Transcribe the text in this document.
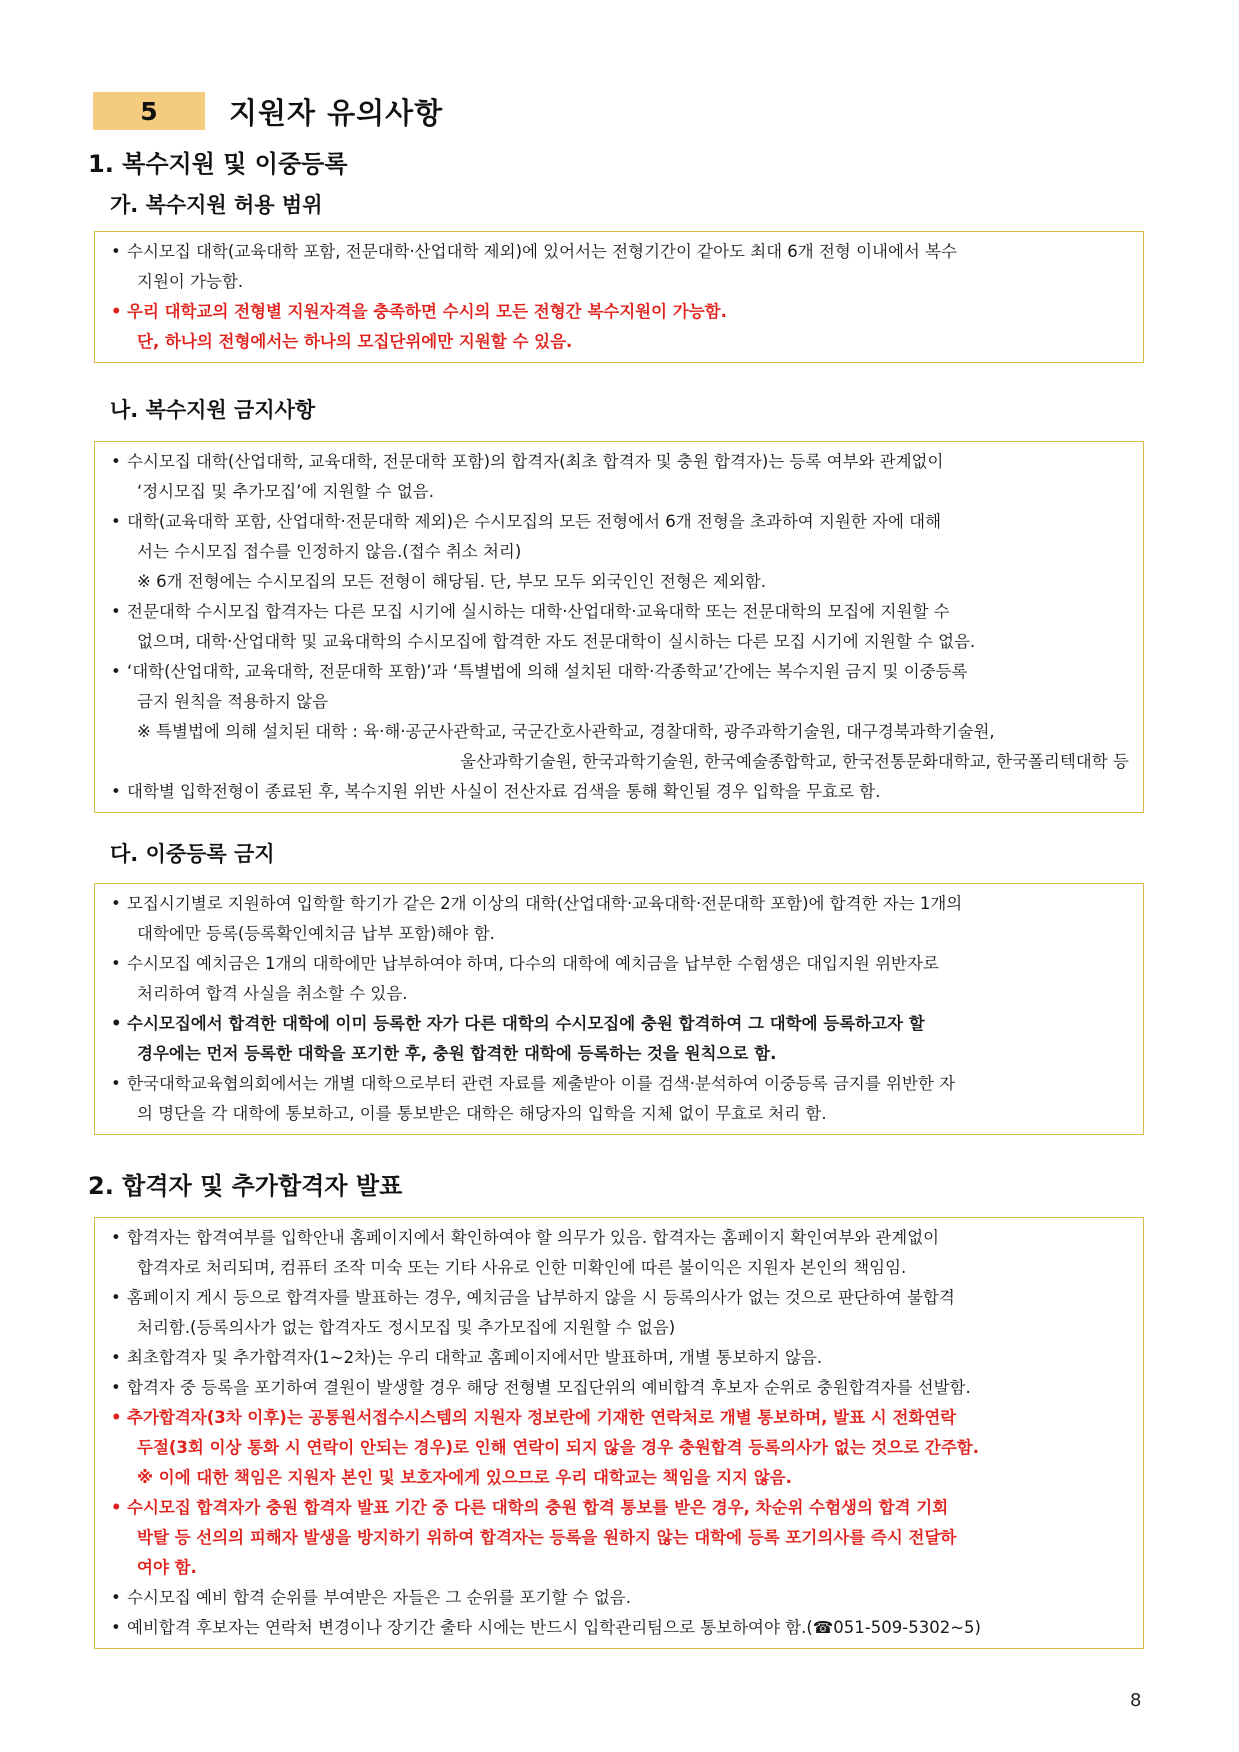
5	지원자 유의사항
1. 복수지원 및 이중등록
가. 복수지원 허용 범위
• 수시모집 대학(교육대학 포함, 전문대학·산업대학 제외)에 있어서는 전형기간이 같아도 최대 6개 전형 이내에서 복수
지원이 가능함.
• 우리 대학교의 전형별 지원자격을 충족하면 수시의 모든 전형간 복수지원이 가능함.
단, 하나의 전형에서는 하나의 모집단위에만 지원할 수 있음.
나. 복수지원 금지사항
• 수시모집 대학(산업대학, 교육대학, 전문대학 포함)의 합격자(최초 합격자 및 충원 합격자)는 등록 여부와 관계없이
‘정시모집 및 추가모집’에 지원할 수 없음.
• 대학(교육대학 포함, 산업대학·전문대학 제외)은 수시모집의 모든 전형에서 6개 전형을 초과하여 지원한 자에 대해
서는 수시모집 접수를 인정하지 않음.(접수 취소 처리)
※ 6개 전형에는 수시모집의 모든 전형이 해당됨. 단, 부모 모두 외국인인 전형은 제외함.
• 전문대학 수시모집 합격자는 다른 모집 시기에 실시하는 대학·산업대학·교육대학 또는 전문대학의 모집에 지원할 수
없으며, 대학·산업대학 및 교육대학의 수시모집에 합격한 자도 전문대학이 실시하는 다른 모집 시기에 지원할 수 없음.
• ‘대학(산업대학, 교육대학, 전문대학 포함)’과 ‘특별법에 의해 설치된 대학·각종학교’간에는 복수지원 금지 및 이중등록
금지 원칙을 적용하지 않음
※ 특별법에 의해 설치된 대학 : 육·해·공군사관학교, 국군간호사관학교, 경찰대학, 광주과학기술원, 대구경북과학기술원,
울산과학기술원, 한국과학기술원, 한국예술종합학교, 한국전통문화대학교, 한국폴리텍대학 등
• 대학별 입학전형이 종료된 후, 복수지원 위반 사실이 전산자료 검색을 통해 확인될 경우 입학을 무효로 함.
다. 이중등록 금지
• 모집시기별로 지원하여 입학할 학기가 같은 2개 이상의 대학(산업대학·교육대학·전문대학 포함)에 합격한 자는 1개의
대학에만 등록(등록확인예치금 납부 포함)해야 함.
• 수시모집 예치금은 1개의 대학에만 납부하여야 하며, 다수의 대학에 예치금을 납부한 수험생은 대입지원 위반자로
처리하여 합격 사실을 취소할 수 있음.
• 수시모집에서 합격한 대학에 이미 등록한 자가 다른 대학의 수시모집에 충원 합격하여 그 대학에 등록하고자 할
경우에는 먼저 등록한 대학을 포기한 후, 충원 합격한 대학에 등록하는 것을 원칙으로 함.
• 한국대학교육협의회에서는 개별 대학으로부터 관련 자료를 제출받아 이를 검색·분석하여 이중등록 금지를 위반한 자
의 명단을 각 대학에 통보하고, 이를 통보받은 대학은 해당자의 입학을 지체 없이 무효로 처리 함.
2. 합격자 및 추가합격자 발표
• 합격자는 합격여부를 입학안내 홈페이지에서 확인하여야 할 의무가 있음. 합격자는 홈페이지 확인여부와 관계없이
합격자로 처리되며, 컴퓨터 조작 미숙 또는 기타 사유로 인한 미확인에 따른 불이익은 지원자 본인의 책임임.
• 홈페이지 게시 등으로 합격자를 발표하는 경우, 예치금을 납부하지 않을 시 등록의사가 없는 것으로 판단하여 불합격
처리함.(등록의사가 없는 합격자도 정시모집 및 추가모집에 지원할 수 없음)
• 최초합격자 및 추가합격자(1~2차)는 우리 대학교 홈페이지에서만 발표하며, 개별 통보하지 않음.
• 합격자 중 등록을 포기하여 결원이 발생할 경우 해당 전형별 모집단위의 예비합격 후보자 순위로 충원합격자를 선발함.
• 추가합격자(3차 이후)는 공통원서접수시스템의 지원자 정보란에 기재한 연락처로 개별 통보하며, 발표 시 전화연락
두절(3회 이상 통화 시 연락이 안되는 경우)로 인해 연락이 되지 않을 경우 충원합격 등록의사가 없는 것으로 간주함.
※ 이에 대한 책임은 지원자 본인 및 보호자에게 있으므로 우리 대학교는 책임을 지지 않음.
• 수시모집 합격자가 충원 합격자 발표 기간 중 다른 대학의 충원 합격 통보를 받은 경우, 차순위 수험생의 합격 기회
박탈 등 선의의 피해자 발생을 방지하기 위하여 합격자는 등록을 원하지 않는 대학에 등록 포기의사를 즉시 전달하
여야 함.
• 수시모집 예비 합격 순위를 부여받은 자들은 그 순위를 포기할 수 없음.
• 예비합격 후보자는 연락처 변경이나 장기간 출타 시에는 반드시 입학관리팀으로 통보하여야 함.(☎051-509-5302~5)
8
